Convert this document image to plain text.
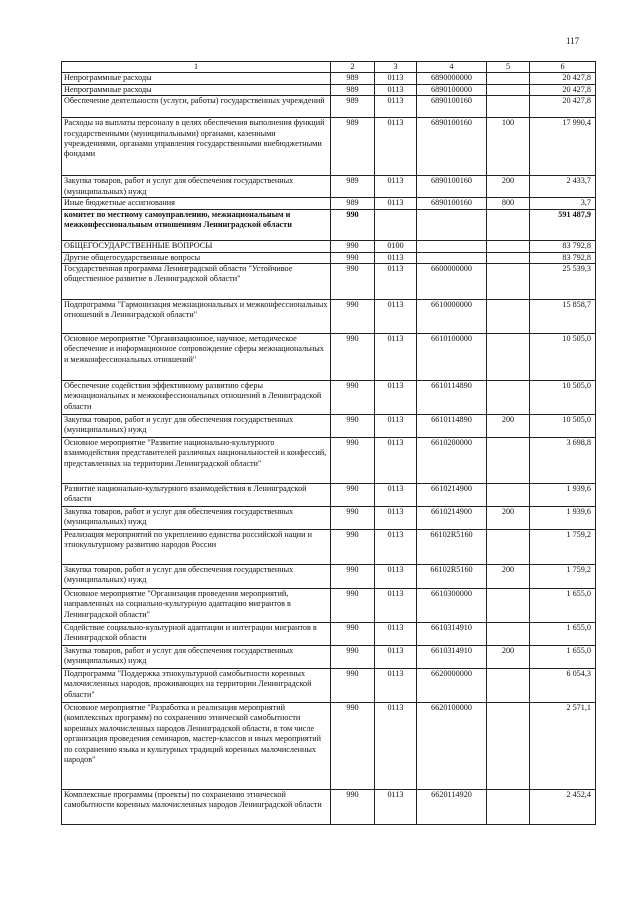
117
1	2	3	4	5	6
Непрограммные расходы	989	0113	6890000000		20 427,8
Непрограммные расходы	989	0113	6890100000		20 427,8
Обеспечение деятельности (услуги, работы) государственных учреждений	989	0113	6890100160		20 427,8
Расходы на выплаты персоналу в целях обеспечения выполнения функций государственными (муниципальными) органами, казенными учреждениями, органами управления государственными внебюджетными фондами	989	0113	6890100160	100	17 990,4
Закупка товаров, работ и услуг для обеспечения государственных (муниципальных) нужд	989	0113	6890100160	200	2 433,7
Иные бюджетные ассигнования	989	0113	6890100160	800	3,7
комитет по местному самоуправлению, межнациональным и межконфессиональным отношениям Ленинградской области	990				591 487,9
ОБЩЕГОСУДАРСТВЕННЫЕ ВОПРОСЫ	990	0100			83 792,8
Другие общегосударственные вопросы	990	0113			83 792,8
Государственная программа Ленинградской области "Устойчивое общественное развитие в Ленинградской области"	990	0113	6600000000		25 539,3
Подпрограмма "Гармонизация межнациональных и межконфессиональных отношений в Ленинградской области"	990	0113	6610000000		15 858,7
Основное мероприятие "Организационное, научное, методическое обеспечение и информационное сопровождение сферы межнациональных и межконфессиональных отношений"	990	0113	6610100000		10 505,0
Обеспечение содействия эффективному развитию сферы межнациональных и межконфессиональных отношений в Ленинградской области	990	0113	6610114890		10 505,0
Закупка товаров, работ и услуг для обеспечения государственных (муниципальных) нужд	990	0113	6610114890	200	10 505,0
Основное мероприятие "Развитие национально-культурного взаимодействия представителей различных национальностей и конфессий, представленных на территории Ленинградской области"	990	0113	6610200000		3 698,8
Развитие национально-культурного взаимодействия в Ленинградской области	990	0113	6610214900		1 939,6
Закупка товаров, работ и услуг для обеспечения государственных (муниципальных) нужд	990	0113	6610214900	200	1 939,6
Реализация мероприятий по укреплению единства российской нации и этнокультурному развитию народов России	990	0113	66102R5160		1 759,2
Закупка товаров, работ и услуг для обеспечения государственных (муниципальных) нужд	990	0113	66102R5160	200	1 759,2
Основное мероприятие "Организация проведения мероприятий, направленных на социально-культурную адаптацию мигрантов в Ленинградской области"	990	0113	6610300000		1 655,0
Содействие социально-культурной адаптации и интеграции мигрантов в Ленинградской области	990	0113	6610314910		1 655,0
Закупка товаров, работ и услуг для обеспечения государственных (муниципальных) нужд	990	0113	6610314910	200	1 655,0
Подпрограмма "Поддержка этнокультурной самобытности коренных малочисленных народов, проживающих на территории Ленинградской области"	990	0113	6620000000		6 054,3
Основное мероприятие "Разработка и реализация мероприятий (комплексных программ) по сохранению этнической самобытности коренных малочисленных народов Ленинградской области, в том числе организация проведения семинаров, мастер-классов и иных мероприятий по сохранению языка и культурных традиций коренных малочисленных народов"	990	0113	6620100000		2 571,1
Комплексные программы (проекты) по сохранению этнической самобытности коренных малочисленных народов Ленинградской области	990	0113	6620114920		2 452,4
